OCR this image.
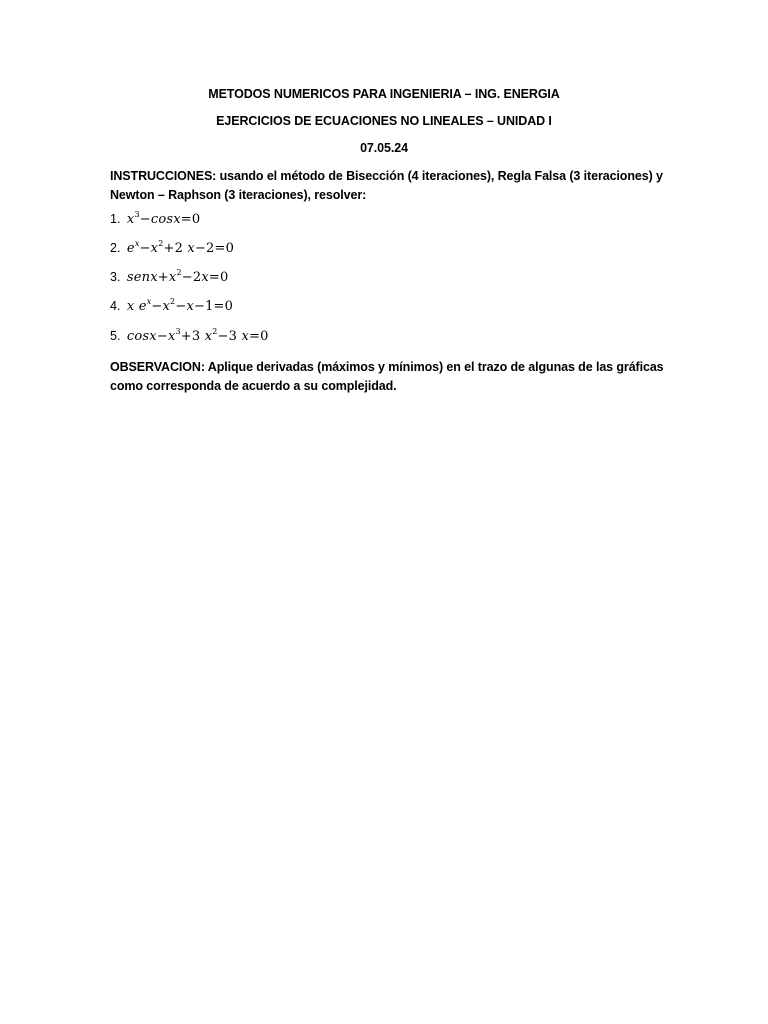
METODOS NUMERICOS PARA INGENIERIA – ING. ENERGIA
EJERCICIOS DE ECUACIONES NO LINEALES – UNIDAD I
07.05.24
INSTRUCCIONES: usando el método de Bisección (4 iteraciones), Regla Falsa (3 iteraciones) y Newton – Raphson (3 iteraciones), resolver:
1. $x^3-\cos x=0$
2. $e^x-x^2+2$ x−2=0
3. $senx+x^2-2x=0$
4. x $e^x-x^2-x-1=0$
5. $\cos x-x^3+3$ $x^2-3$ x=0
OBSERVACION: Aplique derivadas (máximos y mínimos) en el trazo de algunas de las gráficas como corresponda de acuerdo a su complejidad.
